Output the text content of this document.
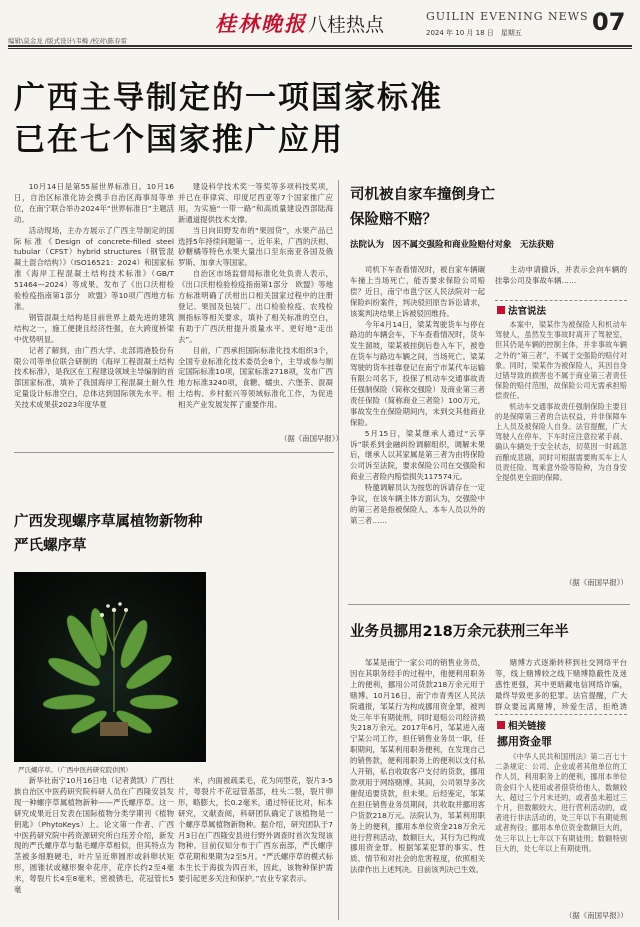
编辑\莫金龙 /版式设计\韦梅 /校对\陈春雷
桂林晚报 八桂热点	GUILIN EVENING NEWS
2024 年 10 月 18 日　星期五	07
广西主导制定的一项国家标准
已在七个国家推广应用

10月14日是第55届世界标准日。10月16日，自治区标准化协会携手自治区海事局等单位，在南宁联合举办2024年“世界标准日”主题活动。

活动现场，主办方展示了广西主导制定的国际标准《Design of concrete-filled steel tubular（CFST）hybrid structures（钢管混凝土混合结构）》（ISO16521：2024）和国家标准《海岸工程混凝土结构技术标准》（GB/T 51464—2024）等成果。发布了《出口沃柑检验检疫指南第1部分　欧盟》等10项广西地方标准。

钢管混凝土结构是目前世界上最先进的建筑结构之一，施工便捷且经济性强，在大跨度桥梁中优势明显。

记者了解到，由广西大学、北部湾港股份有限公司等单位联合研制的《海岸工程混凝土结构技术标准》，是我区在工程建设领域主导编制的首部国家标准，填补了我国海岸工程混凝土耐久性定量设计标准空白，总体达到国际领先水平。相关技术成果获2023年度华夏

建设科学技术奖一等奖等多项科技奖项，并已在菲律宾、印度尼西亚等7个国家推广应用，为实施“一带一路”和高质量建设西部陆海新通道提供技术支撑。

当日向田野发布的“果园贷”，水果产品已选择5年持续问题第一。近年来，广西的沃柑、砂糖橘等特色水果大量出口至东南亚各国及俄罗斯、加拿大等国家。

自治区市场监督局标准化处负责人表示，《出口沃柑检验检疫指南第1部分　欧盟》等地方标准明确了沃柑出口相关国家过程中的注册登记、果园及包装厂、出口检验检疫、农残检测指标等相关要求，填补了相关标准的空白，有助于广西沃柑提升质量水平、更好地“走出去”。

目前，广西承担国际标准化技术组织3个，全国专业标准化技术委员会8个，主导或参与制定国际标准10项，国家标准2718项，发布广西地方标准3240项，食糖、蠕虫、六堡茶、混凝土结构、乡村振兴等领域标准化工作，为促进相关产业发展发挥了重要作用。

（据《南国早报》）
广西发现螺序草属植物新物种
严氏螺序草
严氏螺序草。（广西中医药研究院供图）

新华社南宁10月16日电（记者黄凯）广西壮族自治区中医药研究院科研人员在广西隆安县发现一种螺序草属植物新种——严氏螺序草。这一研究成果近日发表在国际植物分类学期刊《植物钥匙》（PhytoKeys）上。论文第一作者、广西中医药研究院中药资源研究所白珏芳介绍，新发现的严氏螺序草与黏毛螺序草相似，但其特点为茎被多细胞硬毛，叶片呈近卵圆形或斜卵状矩形，圆锥状或穗形聚伞花序，花序长约2至4毫米，萼裂片长4至8毫米，密被锈毛，花冠管长5毫

米，内面被疏柔毛，花为同型花，裂片3-5片，萼裂片不花冠管基部，柱头二裂，裂片卵形，略膨大，长0.2毫米，通过特征比对，标本研究，文献查阅，科研团队确定了该植物是一个螺序草属植物新物种。据介绍，研究团队于7月3日在广西隆安县进行野外调查时首次发现该物种。目前仅知分布于广西东南部，严氏螺序草花期和果期为2至5月。“严氏螺序草的模式标本生长于海拔为四百米，因此，该物种保护需要引起更多关注和保护。”农业专家表示。

司机被自家车撞倒身亡
保险赔不赔？
法院认为　因不属交强险和商业险赔付对象　无法获赔

司机下车查看情况时，被自家车辆碾车撞上当场死亡，能否要求保险公司赔偿？近日，南宁市邕宁区人民法院对一起保险纠纷案件，判决驳回原告诉讼请求，该案判决结果上诉被驳回维持。

今年4月14日，梁某驾驶货车与停在路边的车辆会车，下车查看情况时，货车发生溜坡，梁某被挂倒后卷入车下，被卷在货车与路边车辆之间，当场死亡。梁某驾驶的货车挂靠登记在南宁市某代车运输有限公司名下，投保了机动车交通事故责任强制保险（简称交强险）及商业第三者责任保险（简称商业三者险）100万元，事故发生在保险期间内，未到交其他商业保险。

5月15日，梁某继承人通过“云享诉”联系到金融纠纷调解组织，调解未果后，继承人以其家属是第三者为由将保险公司诉至法院，要求保险公司在交强险和商业三者险内赔偿损失117574元。

特邀调解员认为按您的诉请存在一定争议，在该车辆主体方面认为，交强险中的第三者是指被保险人、本车人员以外的第三者……

主动申请撤诉，并表示会向车辆的挂靠公司及事故车辆……

法官说法

本案中，梁某作为被保险人和机动车驾驶人，虽然发生事故时离开了驾驶室，但其仍是车辆的控制主体，并非事故车辆之外的“第三者”，不属于交强险的赔付对象。同时，梁某作为被保险人，其因自身过错导致的损害也不属于商业第三者责任保险的赔付范围，故保险公司无需承担赔偿责任。

机动车交通事故责任强制保险主要目的是保障第三者的合法权益，并非保障车上人员及被保险人自身。法官提醒，广大驾驶人在停车、下车时应注意拉紧手刹、确认车辆处于安全状态，切莫因一时疏忽而酿成悲剧，同时可根据需要购买车上人员责任险、驾乘意外险等险种，为自身安全提供更全面的保障。

（据《南国早报》）
业务员挪用218万余元获刑三年半

邹某是南宁一家公司的销售业务员，因在其职务经手的过程中，他便利用职务上的便利，挪用公司货款218万余元用于赌博。10月16日，南宁市青秀区人民法院通报，邹某行为构成挪用资金罪，被判处三年半有期徒刑，同时退赔公司经济损失218万余元。2017年6月，邹某进入南宁某公司工作，担任销售业务员一职，任职期间，邹某利用职务便利，在发现自己的销售款，便利用职务上的便利以支付私人开销，私自收取客户支付的货款，挪用款项用于网络赌博。其间，公司领导多次催促追要货款，但未果。后经鉴定，邹某在担任销售业务员期间，共收取并挪用客户货款218万元。法院认为，邹某利用职务上的便利，挪用本单位资金218万余元进行营利活动，数额巨大，其行为已构成挪用资金罪。根据邹某犯罪的事实、性质、情节和对社会的危害程度，依照相关法律作出上述判决。目前该判决已生效。

赌博方式逐渐转移到社交网络平台等，线上赌博较之线下赌博隐蔽性及迷惑性更强，其中更暗藏电信网络诈骗，最终导致更多的犯罪。法官提醒，广大群众要远离赌博，珍爱生活，拒绝诱

相关链接
挪用资金罪

《中华人民共和国刑法》第二百七十二条规定：公司、企业或者其他单位的工作人员，利用职务上的便利，挪用本单位资金归个人使用或者借贷给他人，数额较大、超过三个月未还的，或者虽未超过三个月，但数额较大、进行营利活动的，或者进行非法活动的，处三年以下有期徒刑或者拘役；挪用本单位资金数额巨大的，处三年以上七年以下有期徒刑；数额特别巨大的，处七年以上有期徒刑。

（据《南国早报》）
